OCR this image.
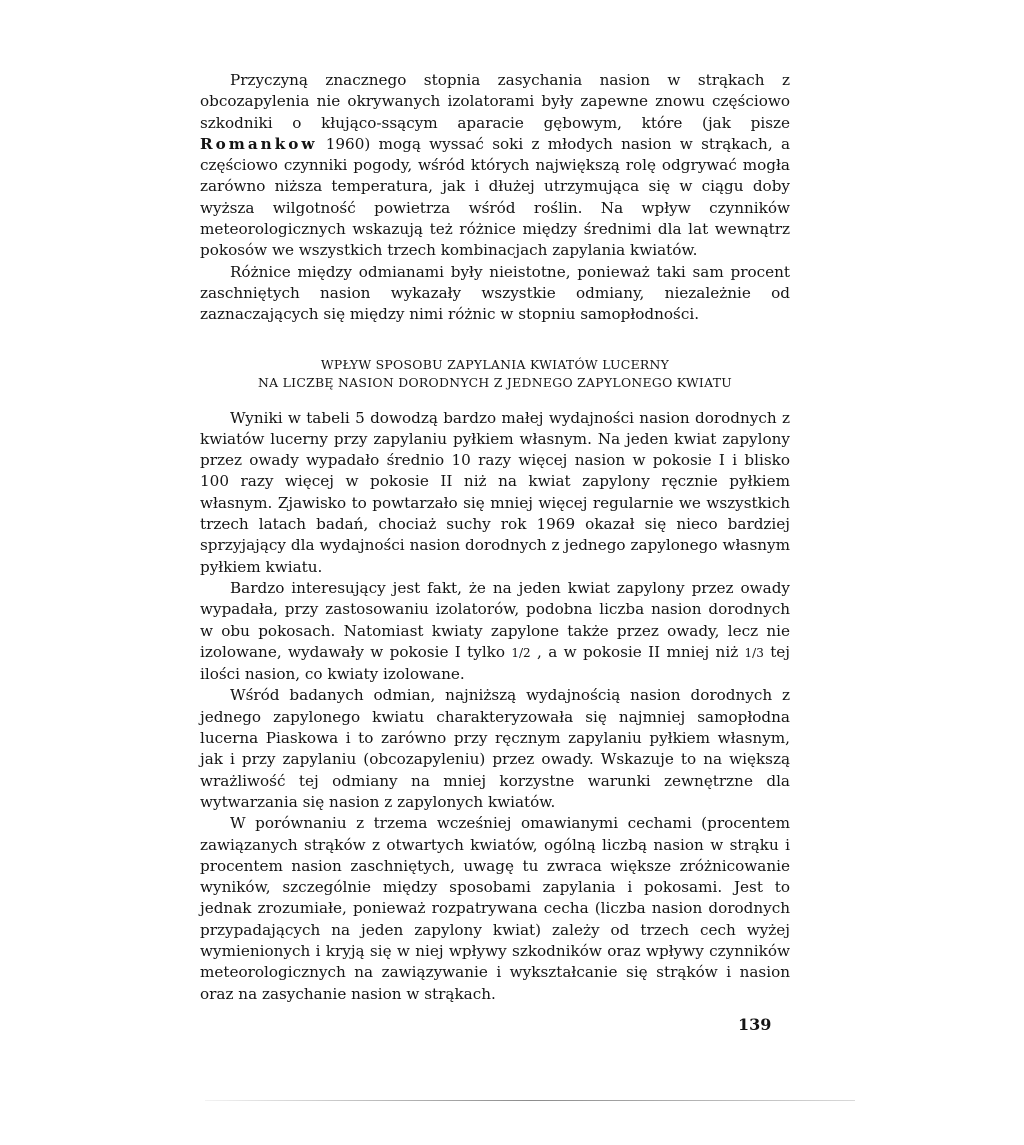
Przyczyną znacznego stopnia zasychania nasion w strąkach z obcozapylenia nie okrywanych izolatorami były zapewne znowu częściowo szkodniki o kłująco-ssącym aparacie gębowym, które (jak pisze Romankow 1960) mogą wyssać soki z młodych nasion w strąkach, a częściowo czynniki pogody, wśród których największą rolę odgrywać mogła zarówno niższa temperatura, jak i dłużej utrzymująca się w ciągu doby wyższa wilgotność powietrza wśród roślin. Na wpływ czynników meteorologicznych wskazują też różnice między średnimi dla lat wewnątrz pokosów we wszystkich trzech kombinacjach zapylania kwiatów.

Różnice między odmianami były nieistotne, ponieważ taki sam procent zaschniętych nasion wykazały wszystkie odmiany, niezależnie od zaznaczających się między nimi różnic w stopniu samopłodności.

WPŁYW SPOSOBU ZAPYLANIA KWIATÓW LUCERNY
NA LICZBĘ NASION DORODNYCH Z JEDNEGO ZAPYLONEGO KWIATU

Wyniki w tabeli 5 dowodzą bardzo małej wydajności nasion dorodnych z kwiatów lucerny przy zapylaniu pyłkiem własnym. Na jeden kwiat zapylony przez owady wypadało średnio 10 razy więcej nasion w pokosie I i blisko 100 razy więcej w pokosie II niż na kwiat zapylony ręcznie pyłkiem własnym. Zjawisko to powtarzało się mniej więcej regularnie we wszystkich trzech latach badań, chociaż suchy rok 1969 okazał się nieco bardziej sprzyjający dla wydajności nasion dorodnych z jednego zapylonego własnym pyłkiem kwiatu.

Bardzo interesujący jest fakt, że na jeden kwiat zapylony przez owady wypadała, przy zastosowaniu izolatorów, podobna liczba nasion dorodnych w obu pokosach. Natomiast kwiaty zapylone także przez owady, lecz nie izolowane, wydawały w pokosie I tylko 1/2 , a w pokosie II mniej niż 1/3 tej ilości nasion, co kwiaty izolowane.

Wśród badanych odmian, najniższą wydajnością nasion dorodnych z jednego zapylonego kwiatu charakteryzowała się najmniej samopłodna lucerna Piaskowa i to zarówno przy ręcznym zapylaniu pyłkiem własnym, jak i przy zapylaniu (obcozapyleniu) przez owady. Wskazuje to na większą wrażliwość tej odmiany na mniej korzystne warunki zewnętrzne dla wytwarzania się nasion z zapylonych kwiatów.

W porównaniu z trzema wcześniej omawianymi cechami (procentem zawiązanych strąków z otwartych kwiatów, ogólną liczbą nasion w strąku i procentem nasion zaschniętych, uwagę tu zwraca większe zróżnicowanie wyników, szczególnie między sposobami zapylania i pokosami. Jest to jednak zrozumiałe, ponieważ rozpatrywana cecha (liczba nasion dorodnych przypadających na jeden zapylony kwiat) zależy od trzech cech wyżej wymienionych i kryją się w niej wpływy szkodników oraz wpływy czynników meteorologicznych na zawiązywanie i wykształcanie się strąków i nasion oraz na zasychanie nasion w strąkach.

139
